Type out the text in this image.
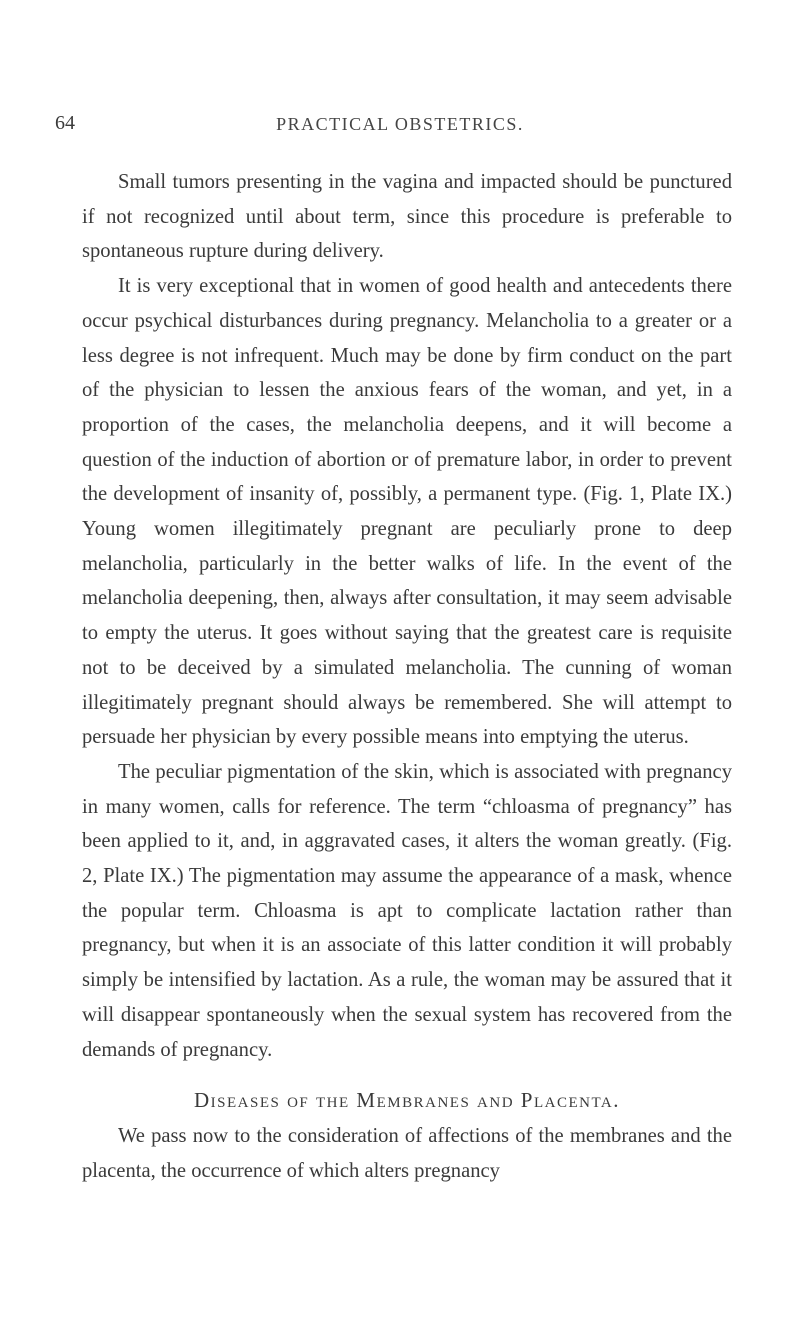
64	PRACTICAL OBSTETRICS.

Small tumors presenting in the vagina and impacted should be punctured if not recognized until about term, since this procedure is preferable to spontaneous rupture during delivery.

It is very exceptional that in women of good health and antecedents there occur psychical disturbances during pregnancy. Melancholia to a greater or a less degree is not infrequent. Much may be done by firm conduct on the part of the physician to lessen the anxious fears of the woman, and yet, in a proportion of the cases, the melancholia deepens, and it will become a question of the induction of abortion or of premature labor, in order to prevent the development of insanity of, possibly, a permanent type. (Fig. 1, Plate IX.) Young women illegitimately pregnant are peculiarly prone to deep melancholia, particularly in the better walks of life. In the event of the melancholia deepening, then, always after consultation, it may seem advisable to empty the uterus. It goes without saying that the greatest care is requisite not to be deceived by a simulated melancholia. The cunning of woman illegitimately pregnant should always be remembered. She will attempt to persuade her physician by every possible means into emptying the uterus.

The peculiar pigmentation of the skin, which is associated with pregnancy in many women, calls for reference. The term “chloasma of pregnancy” has been applied to it, and, in aggravated cases, it alters the woman greatly. (Fig. 2, Plate IX.) The pigmentation may assume the appearance of a mask, whence the popular term. Chloasma is apt to complicate lactation rather than pregnancy, but when it is an associate of this latter condition it will probably simply be intensified by lactation. As a rule, the woman may be assured that it will disappear spontaneously when the sexual system has recovered from the demands of pregnancy.

Diseases of the Membranes and Placenta.

We pass now to the consideration of affections of the membranes and the placenta, the occurrence of which alters pregnancy
